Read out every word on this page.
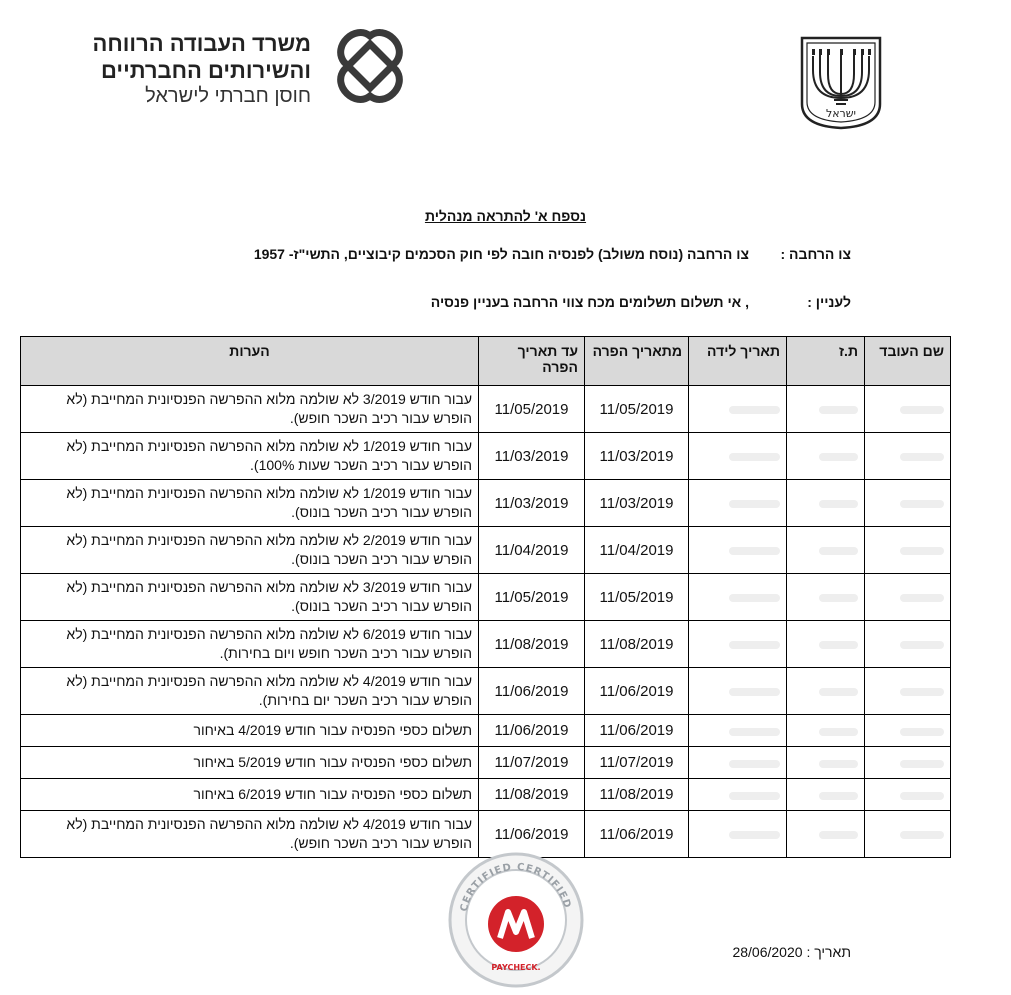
ישראל
משרד העבודה הרווחה
והשירותים החברתיים
חוסן חברתי לישראל
נספח א' להתראה מנהלית
צו הרחבה :
צו הרחבה (נוסח משולב) לפנסיה חובה לפי חוק הסכמים קיבוציים, התשי"ז- 1957
לעניין :
, אי תשלום תשלומים מכח צווי הרחבה בעניין פנסיה
שם העובד	ת.ז	תאריך לידה	מתאריך הפרה	עד תאריך הפרה	הערות
			11/05/2019	11/05/2019	עבור חודש 3/2019 לא שולמה מלוא ההפרשה הפנסיונית המחייבת (לא הופרש עבור רכיב השכר חופש).
			11/03/2019	11/03/2019	עבור חודש 1/2019 לא שולמה מלוא ההפרשה הפנסיונית המחייבת (לא הופרש עבור רכיב השכר שעות 100%).
			11/03/2019	11/03/2019	עבור חודש 1/2019 לא שולמה מלוא ההפרשה הפנסיונית המחייבת (לא הופרש עבור רכיב השכר בונוס).
			11/04/2019	11/04/2019	עבור חודש 2/2019 לא שולמה מלוא ההפרשה הפנסיונית המחייבת (לא הופרש עבור רכיב השכר בונוס).
			11/05/2019	11/05/2019	עבור חודש 3/2019 לא שולמה מלוא ההפרשה הפנסיונית המחייבת (לא הופרש עבור רכיב השכר בונוס).
			11/08/2019	11/08/2019	עבור חודש 6/2019 לא שולמה מלוא ההפרשה הפנסיונית המחייבת (לא הופרש עבור רכיב השכר חופש ויום בחירות).
			11/06/2019	11/06/2019	עבור חודש 4/2019 לא שולמה מלוא ההפרשה הפנסיונית המחייבת (לא הופרש עבור רכיב השכר יום בחירות).
			11/06/2019	11/06/2019	תשלום כספי הפנסיה עבור חודש 4/2019 באיחור
			11/07/2019	11/07/2019	תשלום כספי הפנסיה עבור חודש 5/2019 באיחור
			11/08/2019	11/08/2019	תשלום כספי הפנסיה עבור חודש 6/2019 באיחור
			11/06/2019	11/06/2019	עבור חודש 4/2019 לא שולמה מלוא ההפרשה הפנסיונית המחייבת (לא הופרש עבור רכיב השכר חופש).
CERTIFIED CERTIFIED
PAYCHECK.
תאריך : 28/06/2020
